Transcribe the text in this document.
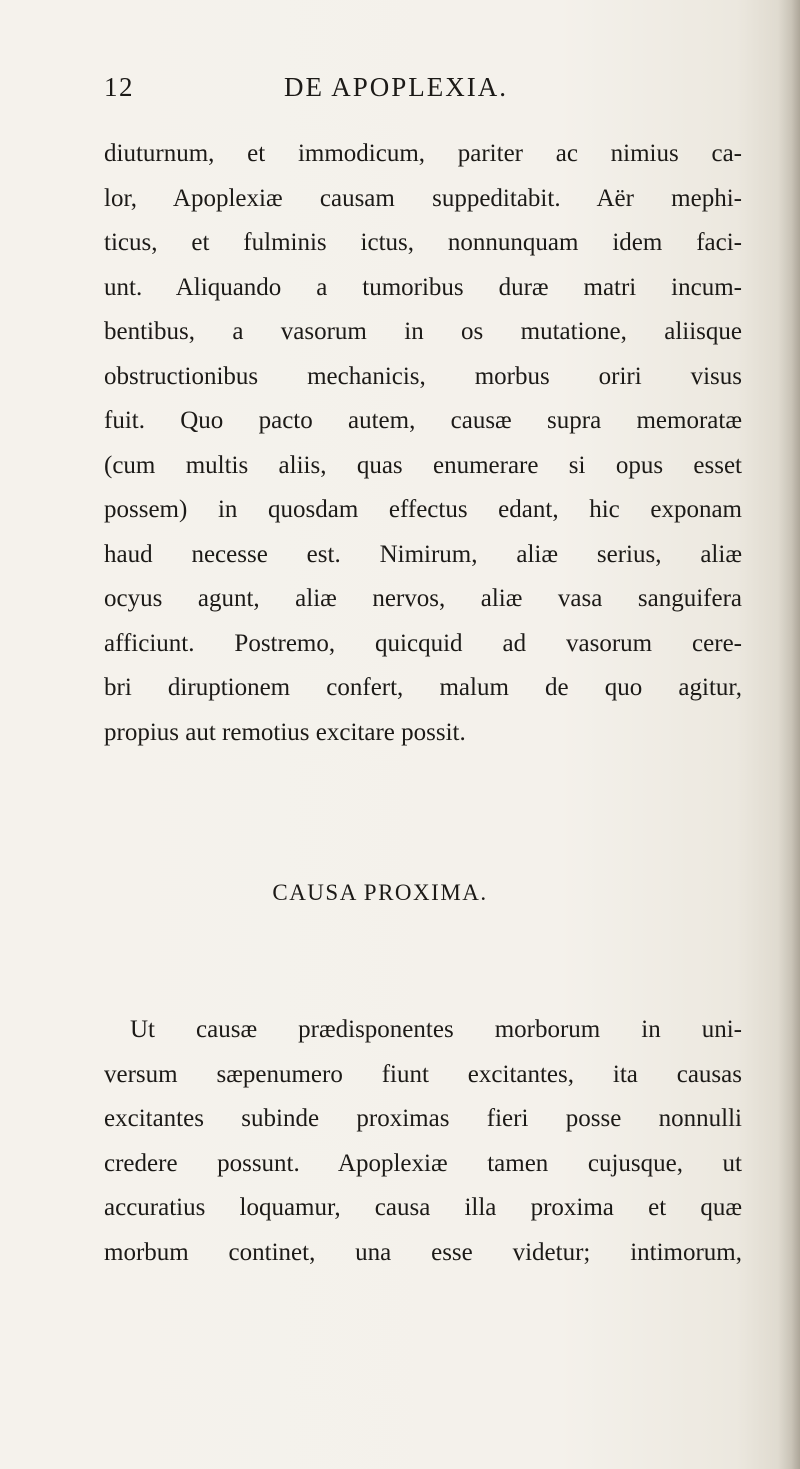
12	DE APOPLEXIA.
diuturnum, et immodicum, pariter ac nimius ca-
lor, Apoplexiæ causam suppeditabit. Aër mephi-
ticus, et fulminis ictus, nonnunquam idem faci-
unt. Aliquando a tumoribus duræ matri incum-
bentibus, a vasorum in os mutatione, aliisque
obstructionibus mechanicis, morbus oriri visus
fuit. Quo pacto autem, causæ supra memoratæ
(cum multis aliis, quas enumerare si opus esset
possem) in quosdam effectus edant, hic exponam
haud necesse est. Nimirum, aliæ serius, aliæ
ocyus agunt, aliæ nervos, aliæ vasa sanguifera
afficiunt. Postremo, quicquid ad vasorum cere-
bri diruptionem confert, malum de quo agitur,
propius aut remotius excitare possit.
CAUSA PROXIMA.
Ut causæ prædisponentes morborum in uni-
versum sæpenumero fiunt excitantes, ita causas
excitantes subinde proximas fieri posse nonnulli
credere possunt. Apoplexiæ tamen cujusque, ut
accuratius loquamur, causa illa proxima et quæ
morbum continet, una esse videtur; intimorum,
